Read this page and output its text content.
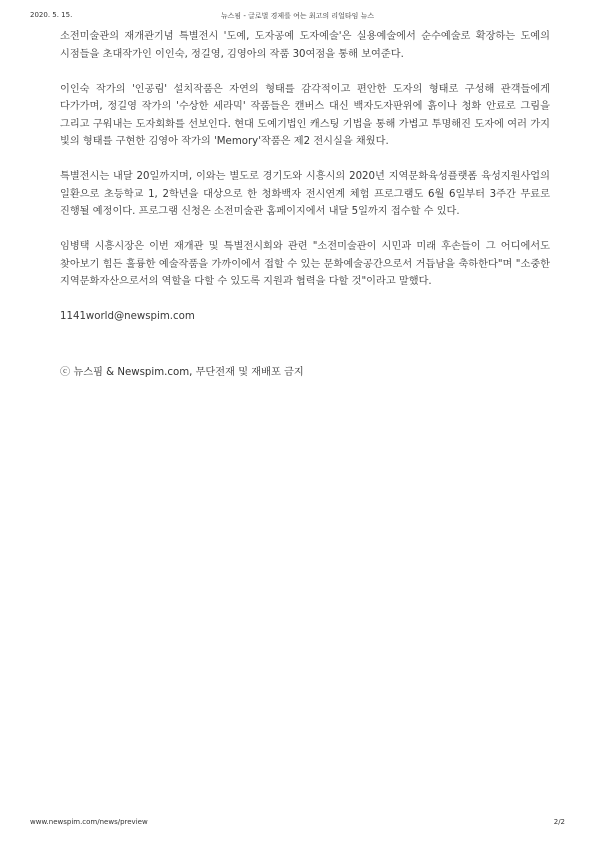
2020. 5. 15.	뉴스핌 - 글로벌 경제를 여는 최고의 리얼타임 뉴스

소전미술관의 재개관기념 특별전시 '도예, 도자공예 도자예술'은 실용예술에서 순수예술로 확장하는 도예의 시점들을 초대작가인 이인숙, 정길영, 김영아의 작품 30여점을 통해 보여준다.

이인숙 작가의 '인공림' 설치작품은 자연의 형태를 감각적이고 편안한 도자의 형태로 구성해 관객들에게 다가가며, 정길영 작가의 '수상한 세라믹' 작품들은 캔버스 대신 백자도자판위에 흙이나 청화 안료로 그림을 그리고 구워내는 도자회화를 선보인다. 현대 도예기법인 캐스팅 기법을 통해 가볍고 투명해진 도자에 여러 가지 빛의 형태를 구현한 김영아 작가의 'Memory'작품은 제2 전시실을 채웠다.

특별전시는 내달 20일까지며, 이와는 별도로 경기도와 시흥시의 2020년 지역문화육성플랫폼 육성지원사업의 일환으로 초등학교 1, 2학년을 대상으로 한 청화백자 전시연계 체험 프로그램도 6월 6일부터 3주간 무료로 진행될 예정이다. 프로그램 신청은 소전미술관 홈페이지에서 내달 5일까지 접수할 수 있다.

임병택 시흥시장은 이번 재개관 및 특별전시회와 관련 "소전미술관이 시민과 미래 후손들이 그 어디에서도 찾아보기 힘든 훌륭한 예술작품을 가까이에서 접할 수 있는 문화예술공간으로서 거듭남을 축하한다"며 "소중한 지역문화자산으로서의 역할을 다할 수 있도록 지원과 협력을 다할 것"이라고 말했다.

1141world@newspim.com

ⓒ 뉴스핌 & Newspim.com, 무단전재 및 재배포 금지

www.newspim.com/news/preview	2/2
